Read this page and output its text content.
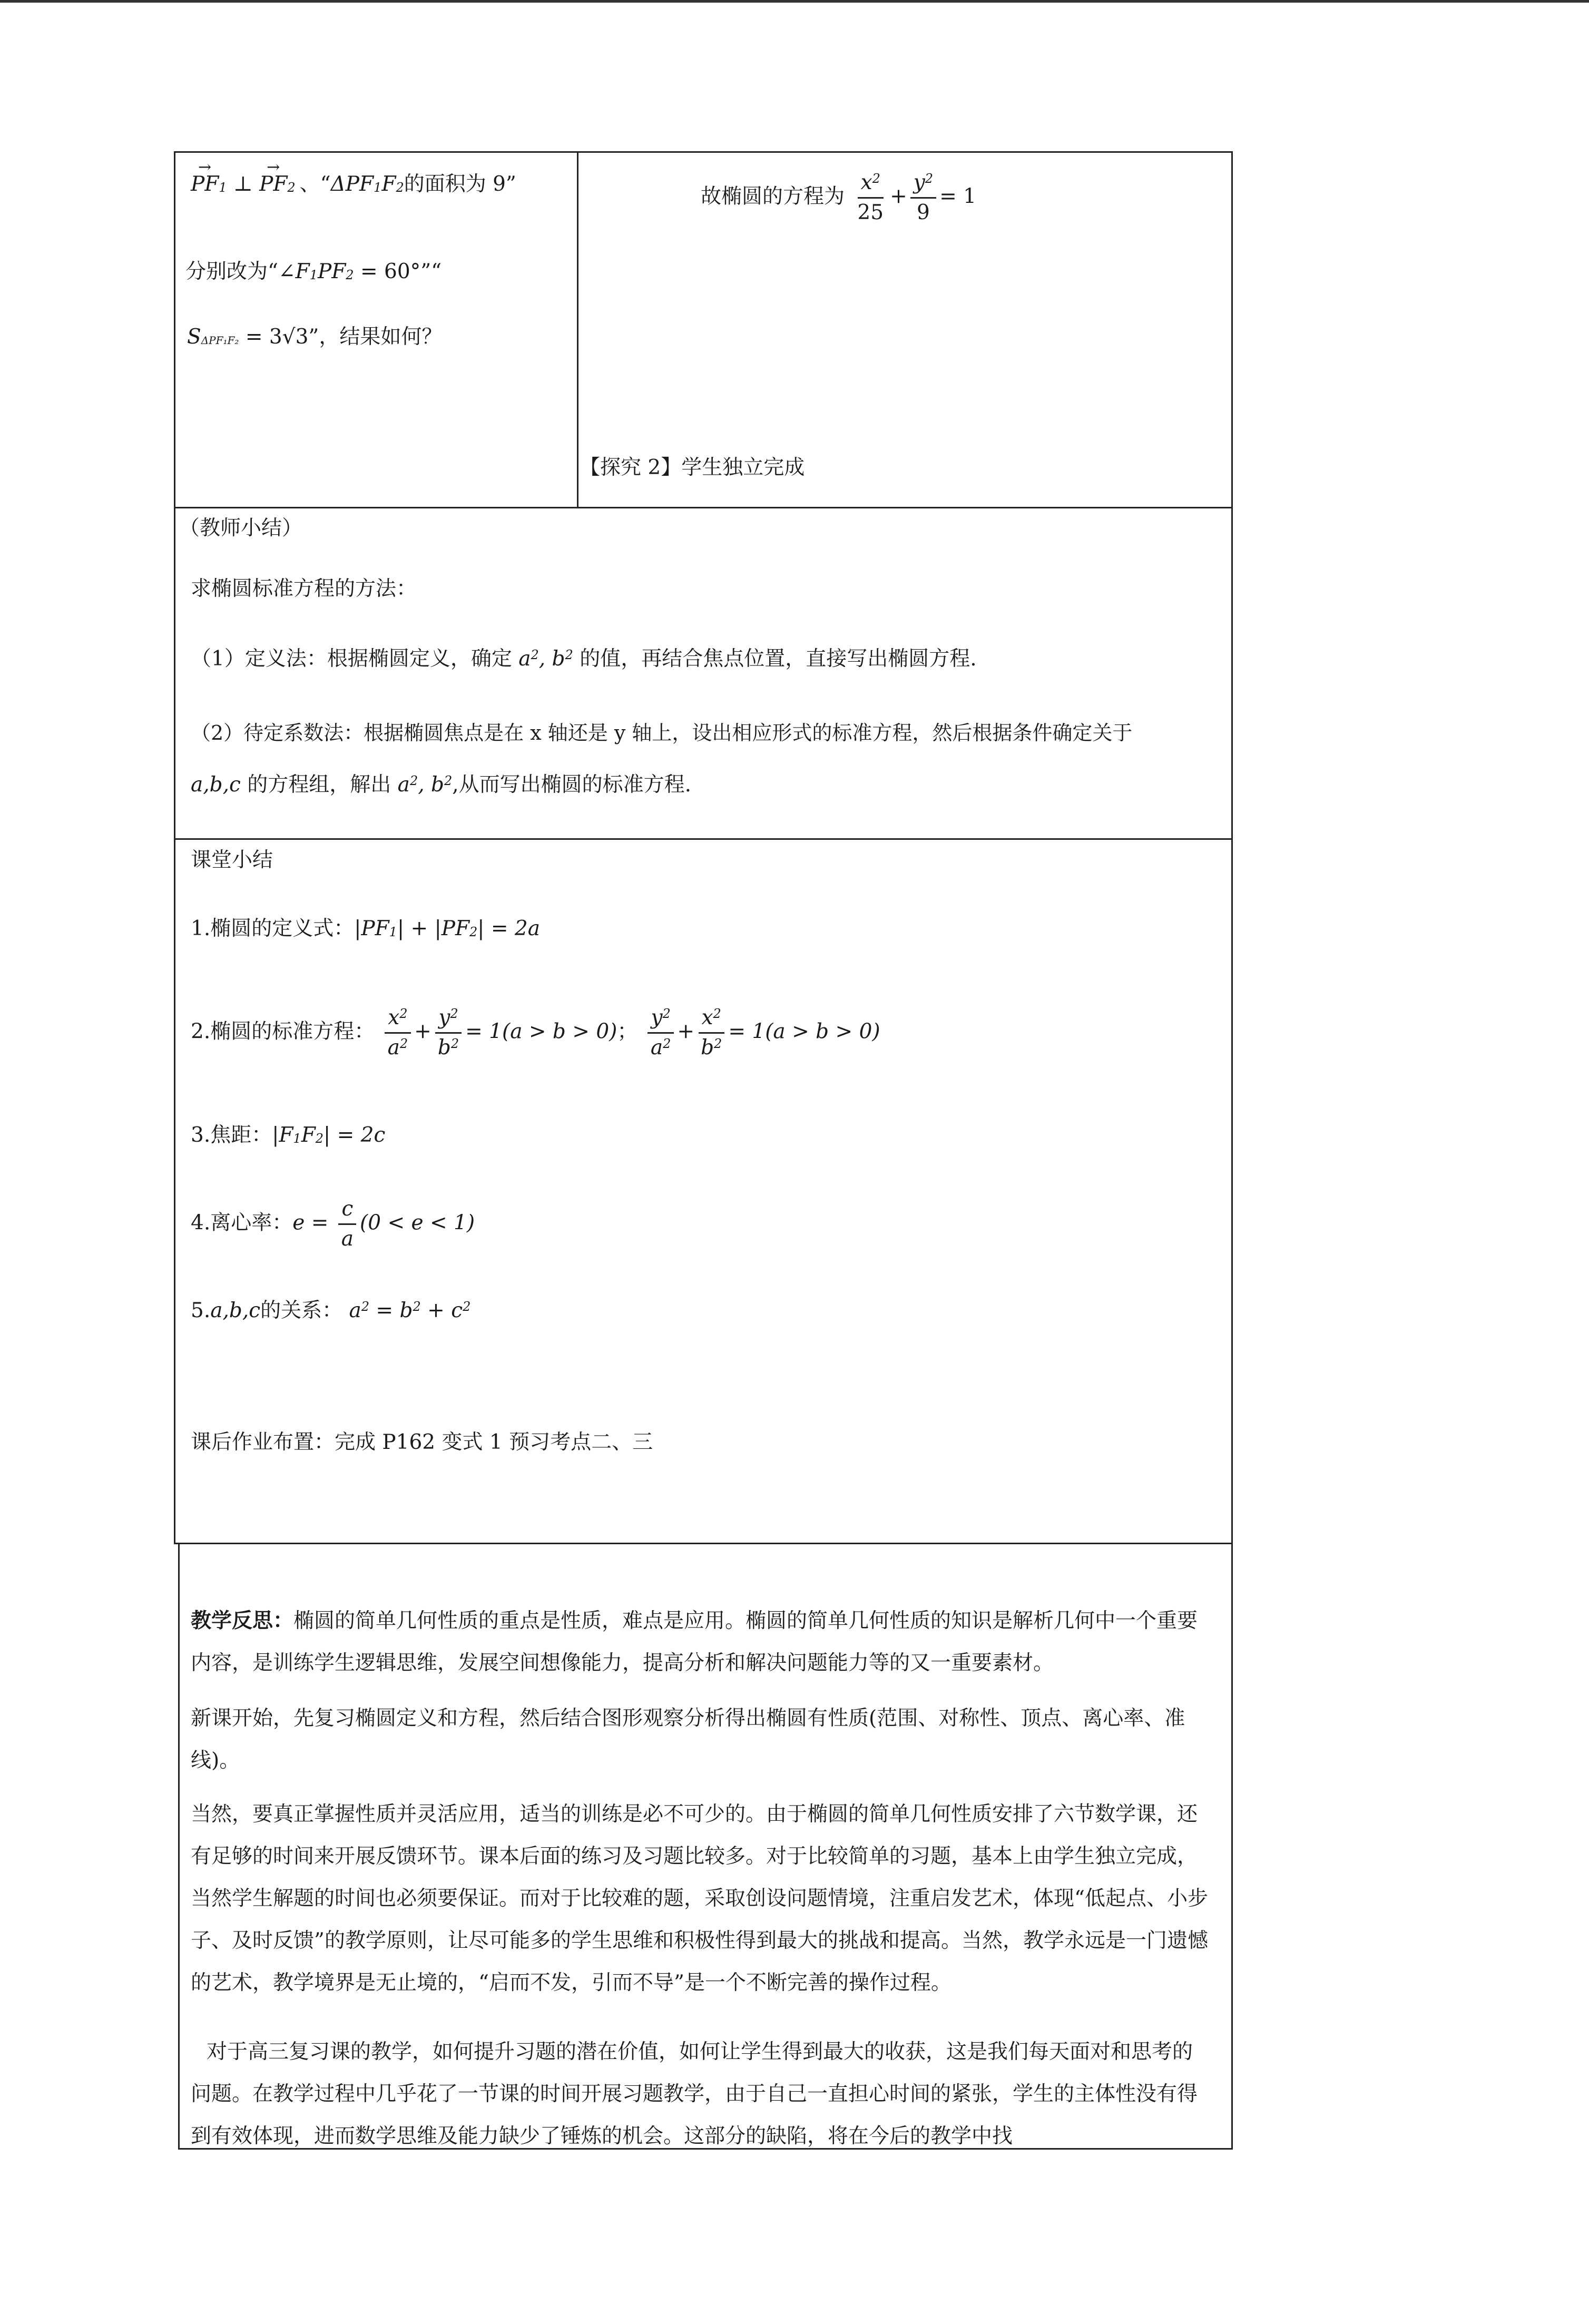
→ $PF_1$ ⊥ → $PF_2$ 、“$\Delta PF_1F_2$的面积为 9”
分别改为“$\angle F_1PF_2$ = 60°”“
$S_{\Delta PF_1F_2} = 3√3$”，结果如何？
故椭圆的方程为 $\frac{x^2}{25} + \frac{y^2}{9} = 1$
【探究 2】学生独立完成
（教师小结）
求椭圆标准方程的方法：
（1）定义法：根据椭圆定义，确定 $a^2$, $b^2$ 的值，再结合焦点位置，直接写出椭圆方程.
（2）待定系数法：根据椭圆焦点是在 x 轴还是 y 轴上，设出相应形式的标准方程，然后根据条件确定关于
a,b,c 的方程组，解出 $a^2$, $b^2$,从而写出椭圆的标准方程.
课堂小结
1.椭圆的定义式：$|PF_1| + |PF_2| = 2a$
2.椭圆的标准方程： $\frac{x^2}{a^2} + \frac{y^2}{b^2} = 1(a > b > 0)$； $\frac{y^2}{a^2} + \frac{x^2}{b^2} = 1(a > b > 0)$
3.焦距：$|F_1F_2| = 2c$
4.离心率：$e = \frac{c}{a} (0 < e < 1)$
5.a,b,c的关系： $a^2 = b^2 + c^2$
课后作业布置：完成 P162 变式 1 预习考点二、三
教学反思：椭圆的简单几何性质的重点是性质，难点是应用。椭圆的简单几何性质的知识是解析几何中一个重要内容，是训练学生逻辑思维，发展空间想像能力，提高分析和解决问题能力等的又一重要素材。
新课开始，先复习椭圆定义和方程，然后结合图形观察分析得出椭圆有性质(范围、对称性、顶点、离心率、准线)。
当然，要真正掌握性质并灵活应用，适当的训练是必不可少的。由于椭圆的简单几何性质安排了六节数学课，还有足够的时间来开展反馈环节。课本后面的练习及习题比较多。对于比较简单的习题，基本上由学生独立完成，当然学生解题的时间也必须要保证。而对于比较难的题，采取创设问题情境，注重启发艺术，体现“低起点、小步子、及时反馈”的教学原则，让尽可能多的学生思维和积极性得到最大的挑战和提高。当然，教学永远是一门遗憾的艺术，教学境界是无止境的，“启而不发，引而不导”是一个不断完善的操作过程。
对于高三复习课的教学，如何提升习题的潜在价值，如何让学生得到最大的收获，这是我们每天面对和思考的问题。在教学过程中几乎花了一节课的时间开展习题教学，由于自己一直担心时间的紧张，学生的主体性没有得到有效体现，进而数学思维及能力缺少了锤炼的机会。这部分的缺陷，将在今后的教学中找
